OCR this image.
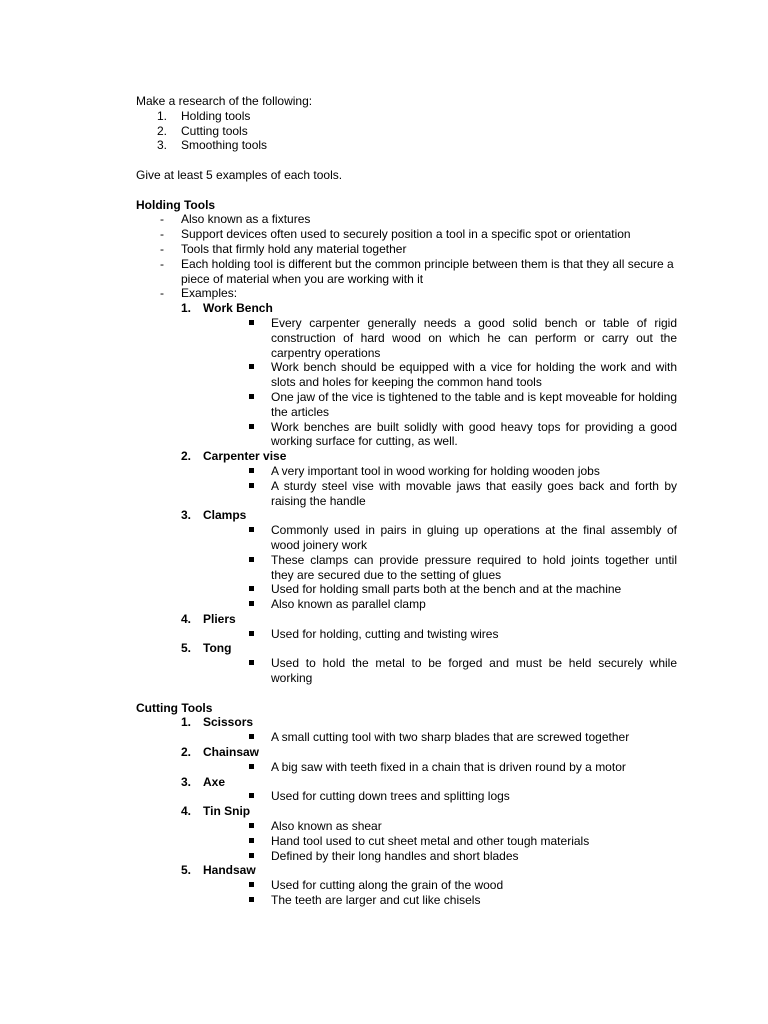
Make a research of the following:

1. Holding tools
2. Cutting tools
3. Smoothing tools

Give at least 5 examples of each tools.

Holding Tools

- Also known as a fixtures
- Support devices often used to securely position a tool in a specific spot or orientation
- Tools that firmly hold any material together
- Each holding tool is different but the common principle between them is that they all secure a piece of material when you are working with it
- Examples:
1. Work Bench
Every carpenter generally needs a good solid bench or table of rigid construction of hard wood on which he can perform or carry out the carpentry operations
Work bench should be equipped with a vice for holding the work and with slots and holes for keeping the common hand tools
One jaw of the vice is tightened to the table and is kept moveable for holding the articles
Work benches are built solidly with good heavy tops for providing a good working surface for cutting, as well.
2. Carpenter vise
A very important tool in wood working for holding wooden jobs
A sturdy steel vise with movable jaws that easily goes back and forth by raising the handle
3. Clamps
Commonly used in pairs in gluing up operations at the final assembly of wood joinery work
These clamps can provide pressure required to hold joints together until they are secured due to the setting of glues
Used for holding small parts both at the bench and at the machine
Also known as parallel clamp
4. Pliers
Used for holding, cutting and twisting wires
5. Tong
Used to hold the metal to be forged and must be held securely while working

Cutting Tools

1. Scissors
A small cutting tool with two sharp blades that are screwed together
2. Chainsaw
A big saw with teeth fixed in a chain that is driven round by a motor
3. Axe
Used for cutting down trees and splitting logs
4. Tin Snip
Also known as shear
Hand tool used to cut sheet metal and other tough materials
Defined by their long handles and short blades
5. Handsaw
Used for cutting along the grain of the wood
The teeth are larger and cut like chisels
